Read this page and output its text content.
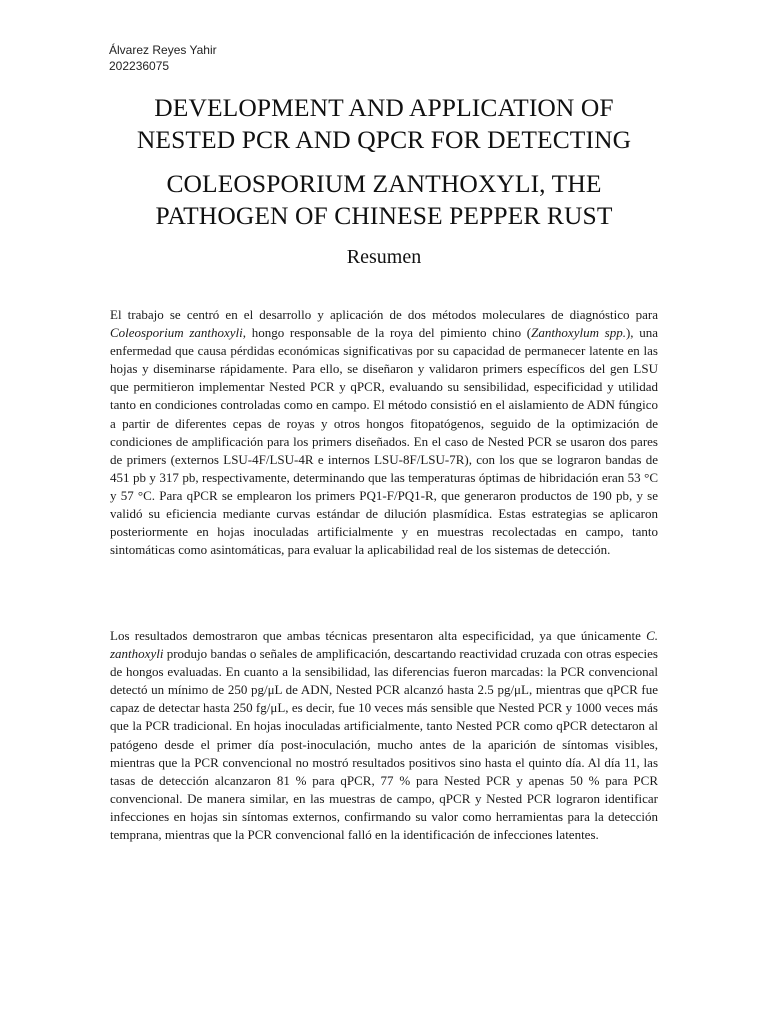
Álvarez Reyes Yahir
202236075
DEVELOPMENT AND APPLICATION OF
NESTED PCR AND QPCR FOR DETECTING
COLEOSPORIUM ZANTHOXYLI, THE
PATHOGEN OF CHINESE PEPPER RUST
Resumen

El trabajo se centró en el desarrollo y aplicación de dos métodos moleculares de diagnóstico para Coleosporium zanthoxyli, hongo responsable de la roya del pimiento chino (Zanthoxylum spp.), una enfermedad que causa pérdidas económicas significativas por su capacidad de permanecer latente en las hojas y diseminarse rápidamente. Para ello, se diseñaron y validaron primers específicos del gen LSU que permitieron implementar Nested PCR y qPCR, evaluando su sensibilidad, especificidad y utilidad tanto en condiciones controladas como en campo. El método consistió en el aislamiento de ADN fúngico a partir de diferentes cepas de royas y otros hongos fitopatógenos, seguido de la optimización de condiciones de amplificación para los primers diseñados. En el caso de Nested PCR se usaron dos pares de primers (externos LSU-4F/LSU-4R e internos LSU-8F/LSU-7R), con los que se lograron bandas de 451 pb y 317 pb, respectivamente, determinando que las temperaturas óptimas de hibridación eran 53 °C y 57 °C. Para qPCR se emplearon los primers PQ1-F/PQ1-R, que generaron productos de 190 pb, y se validó su eficiencia mediante curvas estándar de dilución plasmídica. Estas estrategias se aplicaron posteriormente en hojas inoculadas artificialmente y en muestras recolectadas en campo, tanto sintomáticas como asintomáticas, para evaluar la aplicabilidad real de los sistemas de detección.

Los resultados demostraron que ambas técnicas presentaron alta especificidad, ya que únicamente C. zanthoxyli produjo bandas o señales de amplificación, descartando reactividad cruzada con otras especies de hongos evaluadas. En cuanto a la sensibilidad, las diferencias fueron marcadas: la PCR convencional detectó un mínimo de 250 pg/μL de ADN, Nested PCR alcanzó hasta 2.5 pg/μL, mientras que qPCR fue capaz de detectar hasta 250 fg/μL, es decir, fue 10 veces más sensible que Nested PCR y 1000 veces más que la PCR tradicional. En hojas inoculadas artificialmente, tanto Nested PCR como qPCR detectaron al patógeno desde el primer día post-inoculación, mucho antes de la aparición de síntomas visibles, mientras que la PCR convencional no mostró resultados positivos sino hasta el quinto día. Al día 11, las tasas de detección alcanzaron 81 % para qPCR, 77 % para Nested PCR y apenas 50 % para PCR convencional. De manera similar, en las muestras de campo, qPCR y Nested PCR lograron identificar infecciones en hojas sin síntomas externos, confirmando su valor como herramientas para la detección temprana, mientras que la PCR convencional falló en la identificación de infecciones latentes.
